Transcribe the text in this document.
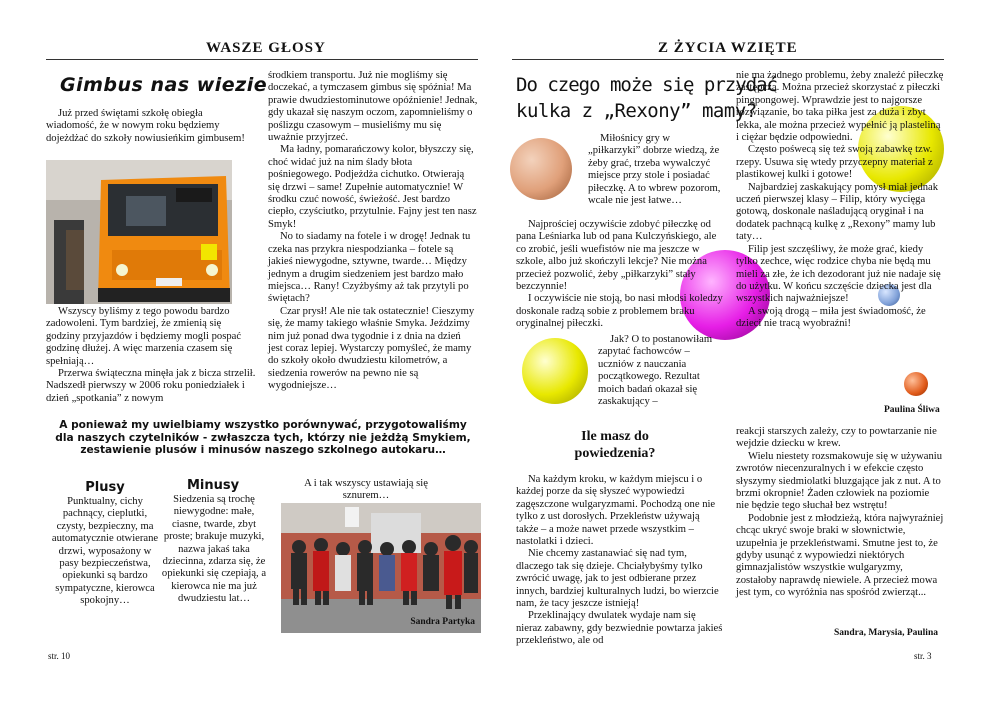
WASZE GŁOSY
Gimbus nas wiezie

Już przed świętami szkołę obiegła wiadomość, że w nowym roku będziemy dojeżdżać do szkoły nowiusieńkim gimbusem!

Wszyscy byliśmy z tego powodu bardzo zadowoleni. Tym bardziej, że zmienią się godziny przyjazdów i będziemy mogli pospać godzinę dłużej. A więc marzenia czasem się spełniają…

Przerwa świąteczna minęła jak z bicza strzelił. Nadszedł pierwszy w 2006 roku poniedziałek i dzień „spotkania” z nowym

środkiem transportu. Już nie mogliśmy się doczekać, a tymczasem gimbus się spóźnia! Ma prawie dwudziestominutowe opóźnienie! Jednak, gdy ukazał się naszym oczom, zapomnieliśmy o poślizgu czasowym – musieliśmy mu się uważnie przyjrzeć.

Ma ładny, pomarańczowy kolor, błyszczy się, choć widać już na nim ślady błota pośniegowego. Podjeżdża cichutko. Otwierają się drzwi – same! Zupełnie automatycznie! W środku czuć nowość, świeżość. Jest bardzo ciepło, czyściutko, przytulnie. Fajny jest ten nasz Smyk!

No to siadamy na fotele i w drogę! Jednak tu czeka nas przykra niespodzianka – fotele są jakieś niewygodne, sztywne, twarde… Między jednym a drugim siedzeniem jest bardzo mało miejsca… Rany! Czyżbyśmy aż tak przytyli po świętach?

Czar prysł! Ale nie tak ostatecznie! Cieszymy się, że mamy takiego właśnie Smyka. Jeździmy nim już ponad dwa tygodnie i z dnia na dzień jest coraz lepiej. Wystarczy pomyśleć, że mamy do szkoły około dwudziestu kilometrów, a siedzenia rowerów na pewno nie są wygodniejsze…

A ponieważ my uwielbiamy wszystko porównywać, przygotowaliśmy dla naszych czytelników - zwłaszcza tych, którzy nie jeżdżą Smykiem, zestawienie plusów i minusów naszego szkolnego autokaru…
Plusy
Punktualny, cichy pachnący, cieplutki, czysty, bezpieczny, ma automatycznie otwierane drzwi, wyposażony w pasy bezpieczeństwa, opiekunki są bardzo sympatyczne, kierowca spokojny…
Minusy
Siedzenia są trochę niewygodne: małe, ciasne, twarde, zbyt proste; brakuje muzyki, nazwa jakaś taka dziecinna, zdarza się, że opiekunki się czepiają, a kierowca nie ma już dwudziestu lat…
A i tak wszyscy ustawiają się sznurem…
Sandra Partyka
str. 10
Z ŻYCIA WZIĘTE
Do czego może się przydać
kulka z „Rexony” mamy?

Miłośnicy gry w „piłkarzyki” dobrze wiedzą, że żeby grać, trzeba wywalczyć miejsce przy stole i posiadać piłeczkę. A to wbrew pozorom, wcale nie jest łatwe…

Najprościej oczywiście zdobyć piłeczkę od pana Leśniarka lub od pana Kulczyńskiego, ale co zrobić, jeśli wuefistów nie ma jeszcze w szkole, albo już skończyli lekcje? Nie można przecież pozwolić, żeby „piłkarzyki” stały bezczynnie!

I oczywiście nie stoją, bo nasi młodsi koledzy doskonale radzą sobie z problemem braku oryginalnej piłeczki.

Jak? O to postanowiłam zapytać fachowców – uczniów z nauczania początkowego. Rezultat moich badań okazał się zaskakujący –

nie ma żadnego problemu, żeby znaleźć piłeczkę zastępczą. Można przecież skorzystać z piłeczki pingpongowej. Wprawdzie jest to najgorsze rozwiązanie, bo taka piłka jest za duża i zbyt lekka, ale można przecież wypełnić ją plasteliną i ciężar będzie odpowiedni.

Często pośwecą się też swoją zabawkę tzw. rzepy. Usuwa się wtedy przyczepny materiał z plastikowej kulki i gotowe!

Najbardziej zaskakujący pomysł miał jednak uczeń pierwszej klasy – Filip, który wycięga gotową, doskonale naśladującą oryginał i na dodatek pachnącą kulkę z „Rexony” mamy lub taty…

Filip jest szczęśliwy, że może grać, kiedy tylko zechce, więc rodzice chyba nie będą mu mieli za złe, że ich dezodorant już nie nadaje się do użytku. W końcu szczęście dziecka jest dla wszystkich najważniejsze!

A swoją drogą – miła jest świadomość, że dzieci nie tracą wyobraźni!

Paulina Śliwa
Ile masz do powiedzenia?

Na każdym kroku, w każdym miejscu i o każdej porze da się słyszeć wypowiedzi zagęszczone wulgaryzmami. Pochodzą one nie tylko z ust dorosłych. Przekleństw używają także – a może nawet przede wszystkim – nastolatki i dzieci.

Nie chcemy zastanawiać się nad tym, dlaczego tak się dzieje. Chciałybyśmy tylko zwrócić uwagę, jak to jest odbierane przez innych, bardziej kulturalnych ludzi, bo wierzcie nam, że tacy jeszcze istnieją!

Przeklinający dwulatek wydaje nam się nieraz zabawny, gdy bezwiednie powtarza jakieś przekleństwo, ale od

reakcji starszych zależy, czy to powtarzanie nie wejdzie dziecku w krew.

Wielu niestety rozsmakowuje się w używaniu zwrotów niecenzuralnych i w efekcie często słyszymy siedmiolatki bluzgające jak z nut. A to brzmi okropnie! Żaden człowiek na poziomie nie będzie tego słuchał bez wstrętu!

Podobnie jest z młodzieżą, która najwyraźniej chcąc ukryć swoje braki w słownictwie, uzupełnia je przekleństwami. Smutne jest to, że gdyby usunąć z wypowiedzi niektórych gimnazjalistów wszystkie wulgaryzmy, zostałoby naprawdę niewiele. A przecież mowa jest tym, co wyróżnia nas spośród zwierząt...

Sandra, Marysia, Paulina
str. 3
